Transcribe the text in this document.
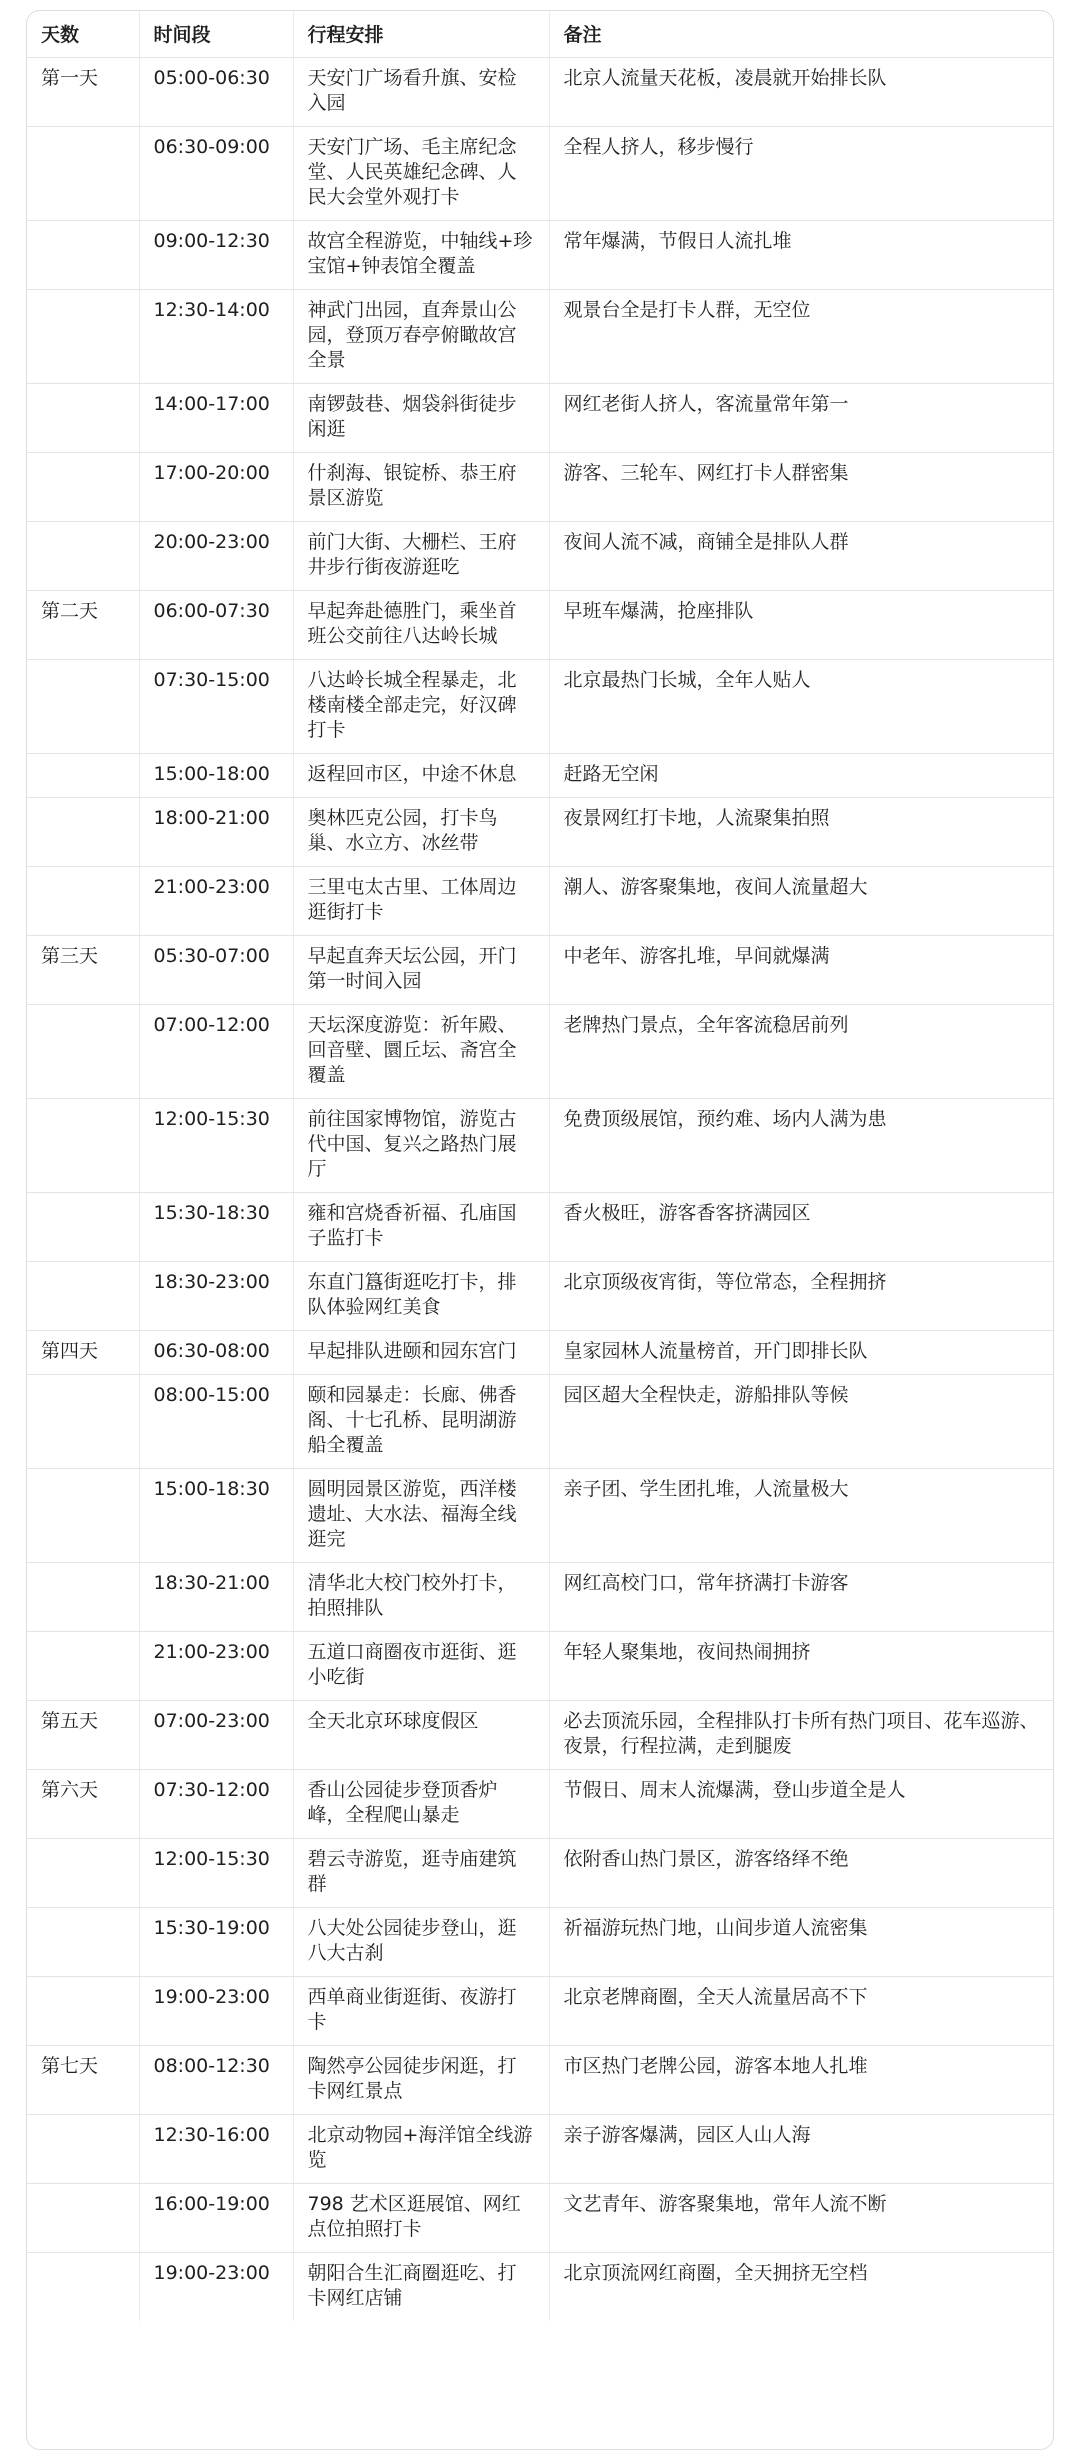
天数	时间段	行程安排	备注
第一天	05:00-06:30	天安门广场看升旗、安检入园	北京人流量天花板，凌晨就开始排长队
	06:30-09:00	天安门广场、毛主席纪念堂、人民英雄纪念碑、人民大会堂外观打卡	全程人挤人，移步慢行
	09:00-12:30	故宫全程游览，中轴线+珍宝馆+钟表馆全覆盖	常年爆满，节假日人流扎堆
	12:30-14:00	神武门出园，直奔景山公园，登顶万春亭俯瞰故宫全景	观景台全是打卡人群，无空位
	14:00-17:00	南锣鼓巷、烟袋斜街徒步闲逛	网红老街人挤人，客流量常年第一
	17:00-20:00	什刹海、银锭桥、恭王府景区游览	游客、三轮车、网红打卡人群密集
	20:00-23:00	前门大街、大栅栏、王府井步行街夜游逛吃	夜间人流不减，商铺全是排队人群
第二天	06:00-07:30	早起奔赴德胜门，乘坐首班公交前往八达岭长城	早班车爆满，抢座排队
	07:30-15:00	八达岭长城全程暴走，北楼南楼全部走完，好汉碑打卡	北京最热门长城，全年人贴人
	15:00-18:00	返程回市区，中途不休息	赶路无空闲
	18:00-21:00	奥林匹克公园，打卡鸟巢、水立方、冰丝带	夜景网红打卡地，人流聚集拍照
	21:00-23:00	三里屯太古里、工体周边逛街打卡	潮人、游客聚集地，夜间人流量超大
第三天	05:30-07:00	早起直奔天坛公园，开门第一时间入园	中老年、游客扎堆，早间就爆满
	07:00-12:00	天坛深度游览：祈年殿、回音壁、圜丘坛、斋宫全覆盖	老牌热门景点，全年客流稳居前列
	12:00-15:30	前往国家博物馆，游览古代中国、复兴之路热门展厅	免费顶级展馆，预约难、场内人满为患
	15:30-18:30	雍和宫烧香祈福、孔庙国子监打卡	香火极旺，游客香客挤满园区
	18:30-23:00	东直门簋街逛吃打卡，排队体验网红美食	北京顶级夜宵街，等位常态，全程拥挤
第四天	06:30-08:00	早起排队进颐和园东宫门	皇家园林人流量榜首，开门即排长队
	08:00-15:00	颐和园暴走：长廊、佛香阁、十七孔桥、昆明湖游船全覆盖	园区超大全程快走，游船排队等候
	15:00-18:30	圆明园景区游览，西洋楼遗址、大水法、福海全线逛完	亲子团、学生团扎堆，人流量极大
	18:30-21:00	清华北大校门校外打卡，拍照排队	网红高校门口，常年挤满打卡游客
	21:00-23:00	五道口商圈夜市逛街、逛小吃街	年轻人聚集地，夜间热闹拥挤
第五天	07:00-23:00	全天北京环球度假区	必去顶流乐园，全程排队打卡所有热门项目、花车巡游、夜景，行程拉满，走到腿废
第六天	07:30-12:00	香山公园徒步登顶香炉峰，全程爬山暴走	节假日、周末人流爆满，登山步道全是人
	12:00-15:30	碧云寺游览，逛寺庙建筑群	依附香山热门景区，游客络绎不绝
	15:30-19:00	八大处公园徒步登山，逛八大古刹	祈福游玩热门地，山间步道人流密集
	19:00-23:00	西单商业街逛街、夜游打卡	北京老牌商圈，全天人流量居高不下
第七天	08:00-12:30	陶然亭公园徒步闲逛，打卡网红景点	市区热门老牌公园，游客本地人扎堆
	12:30-16:00	北京动物园+海洋馆全线游览	亲子游客爆满，园区人山人海
	16:00-19:00	798 艺术区逛展馆、网红点位拍照打卡	文艺青年、游客聚集地，常年人流不断
	19:00-23:00	朝阳合生汇商圈逛吃、打卡网红店铺	北京顶流网红商圈，全天拥挤无空档
